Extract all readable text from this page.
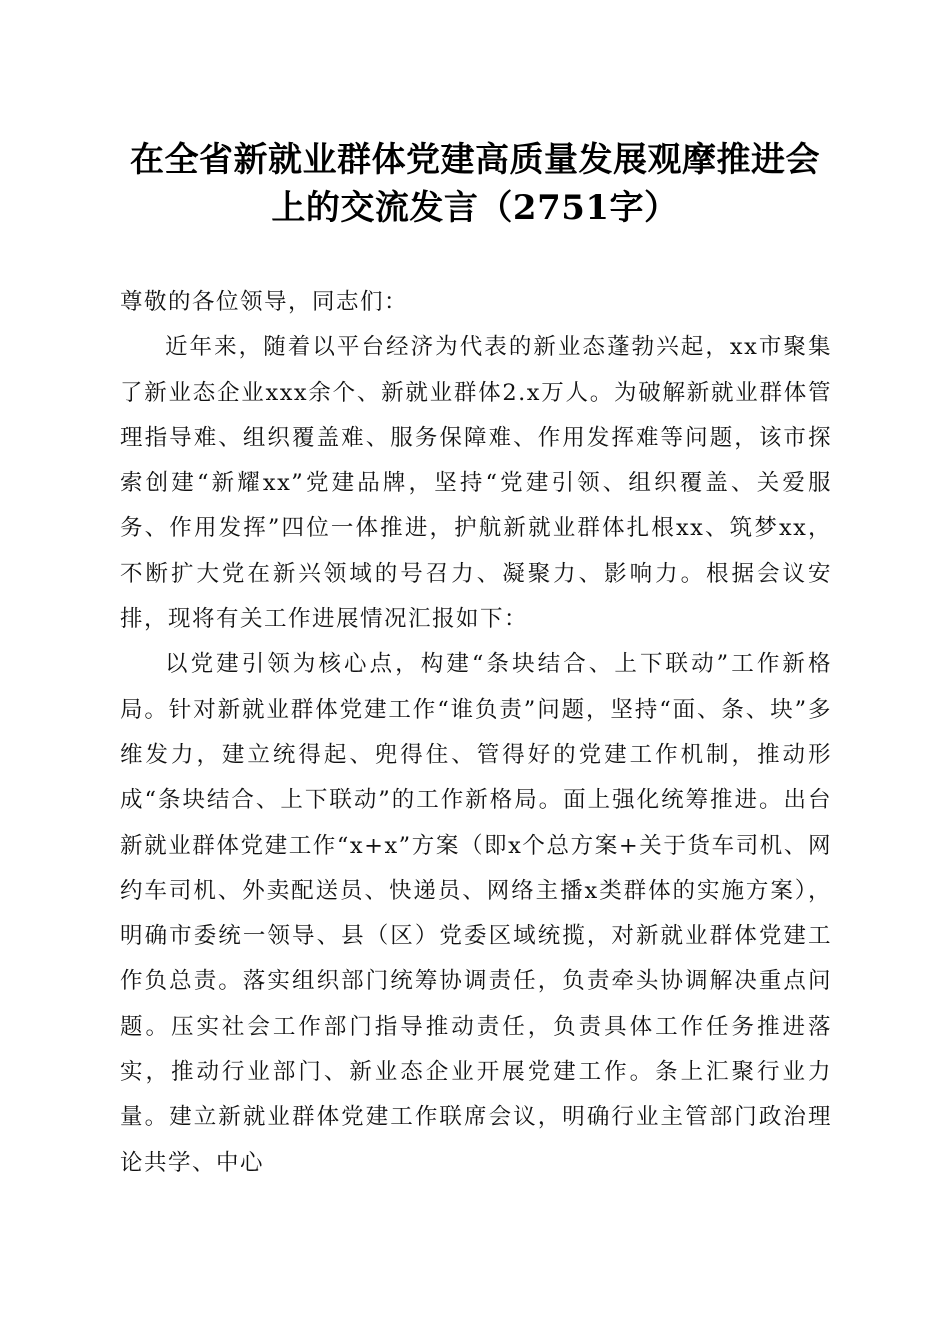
在全省新就业群体党建高质量发展观摩推进会
上的交流发言（2751字）

尊敬的各位领导，同志们：

近年来，随着以平台经济为代表的新业态蓬勃兴起，xx市聚集了新业态企业xxx余个、新就业群体2.x万人。为破解新就业群体管理指导难、组织覆盖难、服务保障难、作用发挥难等问题，该市探索创建“新耀xx”党建品牌，坚持“党建引领、组织覆盖、关爱服务、作用发挥”四位一体推进，护航新就业群体扎根xx、筑梦xx，不断扩大党在新兴领域的号召力、凝聚力、影响力。根据会议安排，现将有关工作进展情况汇报如下：

以党建引领为核心点，构建“条块结合、上下联动”工作新格局。针对新就业群体党建工作“谁负责”问题，坚持“面、条、块”多维发力，建立统得起、兜得住、管得好的党建工作机制，推动形成“条块结合、上下联动”的工作新格局。面上强化统筹推进。出台新就业群体党建工作“x+x”方案（即x个总方案+关于货车司机、网约车司机、外卖配送员、快递员、网络主播x类群体的实施方案），明确市委统一领导、县（区）党委区域统揽，对新就业群体党建工作负总责。落实组织部门统筹协调责任，负责牵头协调解决重点问题。压实社会工作部门指导推动责任，负责具体工作任务推进落实，推动行业部门、新业态企业开展党建工作。条上汇聚行业力量。建立新就业群体党建工作联席会议，明确行业主管部门政治理论共学、中心
